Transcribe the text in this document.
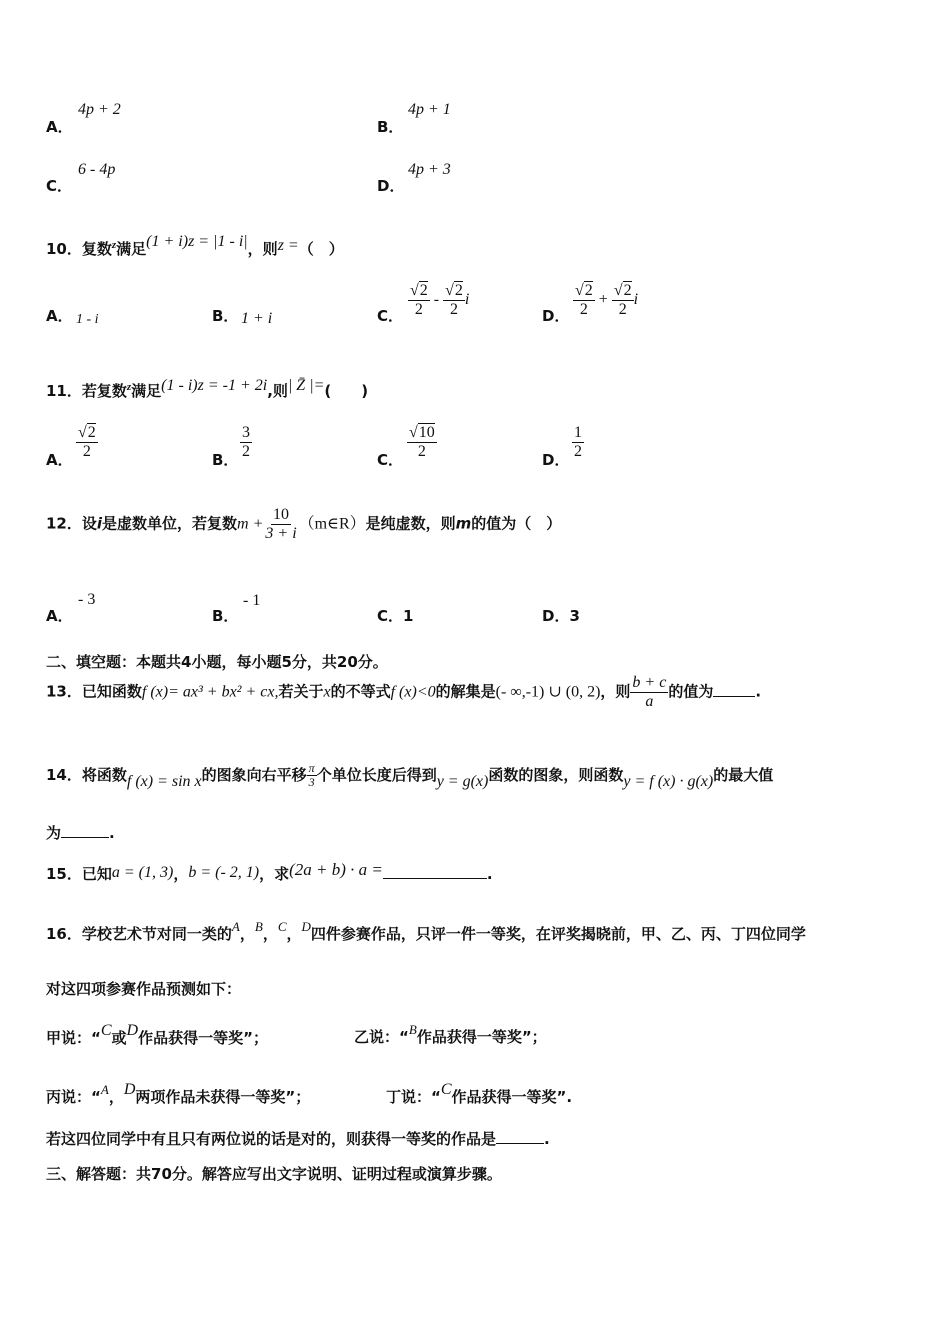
A．
4p + 2
B．
4p + 1
C．
6 - 4p
D．
4p + 3
10．复数$^z$满足(1 + i)z = |1 - i|，则z =（　）
A． 1 - i	B． 1 + i	C． $\frac{√2}{2} - \frac{√2}{2}$ i
D． $\frac{√2}{2} + \frac{√2}{2}$ i
11．若复数$^z$满足(1 - i)z = -1 + 2i,则| Z̄ |=(　　)
A． $\frac{√2}{2}$	B． $\frac{3}{2}$	C． $\frac{√10}{2}$	D． $\frac{1}{2}$
12．设i是虚数单位，若复数$m + \frac{10}{3 + i}$ （m∈R）是纯虚数，则m的值为（　）
A．
- 3
B．
- 1
C．1	D．3
二、填空题：本题共4小题，每小题5分，共20分。
13．已知函数f (x)= ax³ + bx² + cx,若关于x的不等式f (x)<0的解集是(- ∞,-1) ∪ (0, 2)，则 $\frac{b + c}{a}$ 的值为	.
14．将函数f (x) = sin x的图象向右平移 $\frac{\pi}{3}$ 个单位长度后得到y = g(x)函数的图象，则函数y = f (x) · g(x)的最大值
为	.
15．已知a = (1, 3)，b = (- 2, 1)，求(2a + b) · a =	.
16．学校艺术节对同一类的A，B，C，D四件参赛作品，只评一件一等奖，在评奖揭晓前，甲、乙、丙、丁四位同学
对这四项参赛作品预测如下：
甲说：“C或D作品获得一等奖”；	乙说：“B作品获得一等奖”；
丙说：“A，D两项作品未获得一等奖”；	丁说：“C作品获得一等奖”.
若这四位同学中有且只有两位说的话是对的，则获得一等奖的作品是	.
三、解答题：共70分。解答应写出文字说明、证明过程或演算步骤。
